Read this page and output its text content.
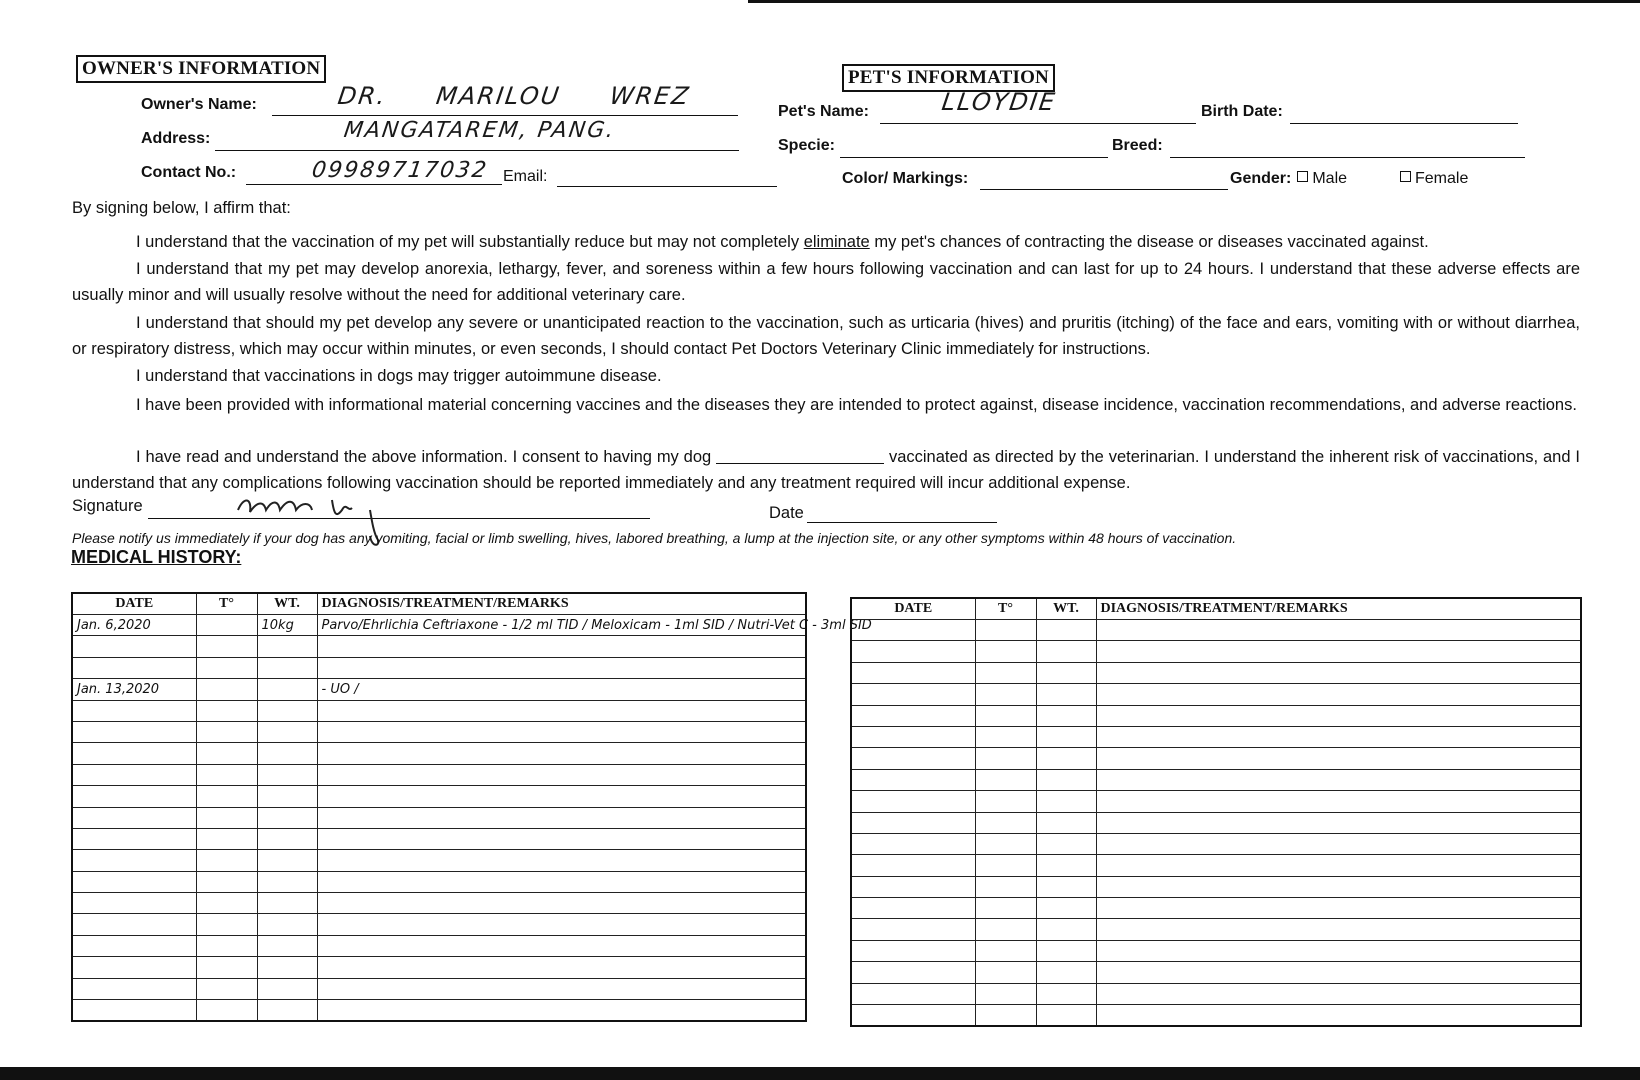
OWNER'S INFORMATION
Owner's Name:	DR. MARILOU WREZ
Address:	MANGATAREM, PANG.
Contact No.:	09989717032 Email:
PET'S INFORMATION
Pet's Name:	LLOYDIE	Birth Date:
Specie:	Breed:
Color/ Markings:	Gender: Male	Female
By signing below, I affirm that:
I understand that the vaccination of my pet will substantially reduce but may not completely eliminate my pet's chances of contracting the disease or diseases vaccinated against.
I understand that my pet may develop anorexia, lethargy, fever, and soreness within a few hours following vaccination and can last for up to 24 hours. I understand that these adverse effects are usually minor and will usually resolve without the need for additional veterinary care.
I understand that should my pet develop any severe or unanticipated reaction to the vaccination, such as urticaria (hives) and pruritis (itching) of the face and ears, vomiting with or without diarrhea, or respiratory distress, which may occur within minutes, or even seconds, I should contact Pet Doctors Veterinary Clinic immediately for instructions.
I understand that vaccinations in dogs may trigger autoimmune disease.
I have been provided with informational material concerning vaccines and the diseases they are intended to protect against, disease incidence, vaccination recommendations, and adverse reactions.
I have read and understand the above information. I consent to having my dog	vaccinated as directed by the veterinarian. I understand the inherent risk of vaccinations, and I understand that any complications following vaccination should be reported immediately and any treatment required will incur additional expense.
Signature	Date
Please notify us immediately if your dog has any vomiting, facial or limb swelling, hives, labored breathing, a lump at the injection site, or any other symptoms within 48 hours of vaccination.
MEDICAL HISTORY:
DATE	T°	WT.	DIAGNOSIS/TREATMENT/REMARKS
Jan. 6,2020		10kg	Parvo/Ehrlichia Ceftriaxone - 1/2 ml TID / Meloxicam - 1ml SID / Nutri-Vet C - 3ml SID

Jan. 13,2020			- UO /

DATE	T°	WT.	DIAGNOSIS/TREATMENT/REMARKS
